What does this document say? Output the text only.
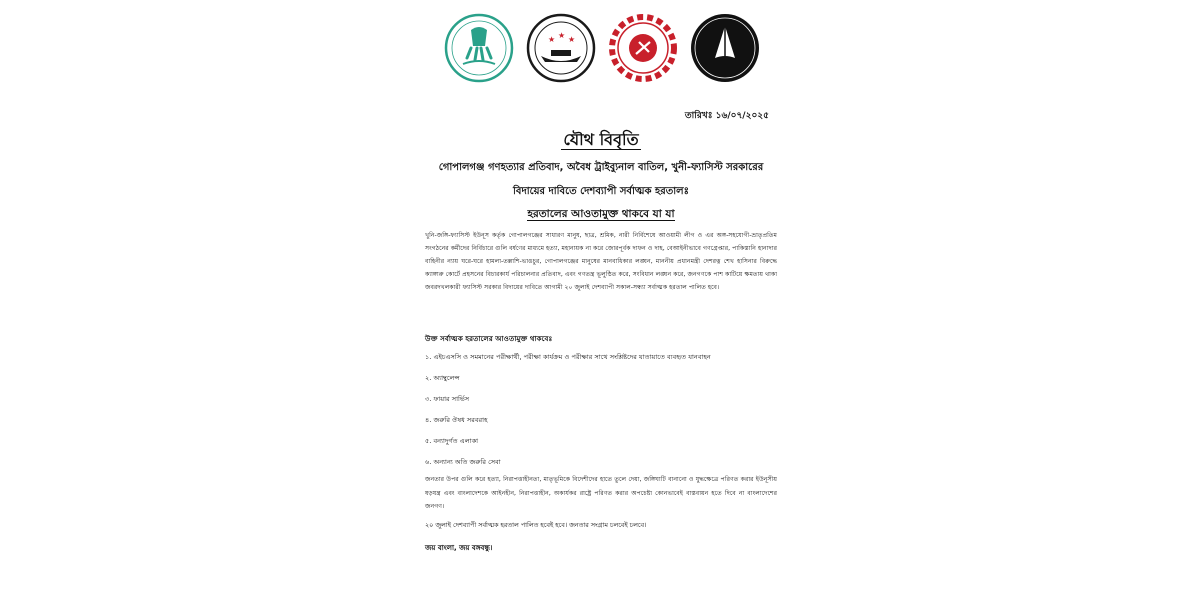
★ ★ ★
তারিখঃ ১৬/০৭/২০২৫
যৌথ বিবৃতি
গোপালগঞ্জ গণহত্যার প্রতিবাদ, অবৈধ ট্রাইব্যুনাল বাতিল, খুনী-ফ্যাসিস্ট সরকারের
বিদায়ের দাবিতে দেশব্যাপী সর্বাত্মক হরতালঃ
হরতালের আওতামুক্ত থাকবে যা যা

খুনি-জঙ্গি-ফ্যাসিস্ট ইউনূস কর্তৃক গোপালগঞ্জের সাধারণ মানুষ, ছাত্র, শ্রমিক, নারী নির্বিশেষে আওয়ামী লীগ ও এর অঙ্গ-সহযোগী-ভ্রাতৃপ্রতিম সংগঠনের কর্মীদের নির্বিচারে গুলি বর্ষণের মাধ্যমে হত্যা, মহানায়ক না করে জোরপূর্বক দাফন ও দাহ, বেআইনীভাবে গণগ্রেপ্তার, পাকিস্তানি হানাদার বাহিনীর ন্যায় ঘরে-ঘরে হামলা-তল্লাশি-ভাঙচুর, গোপালগঞ্জের মানুষের মানবাধিকার লঙ্ঘন, মাননীয় প্রধানমন্ত্রী দেশরত্ন শেখ হাসিনার বিরুদ্ধে ক্যাঙ্গারু কোর্টে প্রহসনের বিচারকার্য পরিচালনার প্রতিবাদ, এবং গণতন্ত্র ভূলুণ্ঠিত করে, সংবিধান লঙ্ঘন করে, জনগণকে পাশ কাটিয়ে ক্ষমতায় থাকা জবরদখলকারী ফ্যাসিস্ট সরকার বিদায়ের দাবিতে আগামী ২০ জুলাই দেশব্যাপী সকাল-সন্ধ্যা সর্বাত্মক হরতাল পালিত হবে।

উক্ত সর্বাত্মক হরতালের আওতামুক্ত থাকবেঃ
১. এইচএসসি ও সমমানের পরীক্ষার্থী, পরীক্ষা কার্যক্রম ও পরীক্ষার সাথে সংশ্লিষ্টদের যাতায়াতে ব্যবহৃত যানবাহন
২. অ্যাম্বুলেন্স
৩. ফায়ার সার্ভিস
৪. জরুরি ঔষধ সরবরাহ
৫. বন্যাদুর্গত এলাকা
৬. অন্যান্য অতি জরুরি সেবা

জনতার উপর গুলি করে হত্যা, নিরাপত্তাহীনতা, মাতৃভূমিকে বিদেশীদের হাতে তুলে দেয়া, জঙ্গিঘাটি বানানো ও যুদ্ধক্ষেত্রে পরিণত করার ইউনূসীয় ষড়যন্ত্র এবং বাংলাদেশকে আইনহীন, নিরাপত্তাহীন, অকার্যকর রাষ্ট্রে পরিণত করার অপচেষ্টা কোনভাবেই বাস্তবায়ন হতে দিবে না বাংলাদেশের জনগণ।

২০ জুলাই দেশব্যাপী সর্বাত্মক হরতাল পালিত হবেই হবে। জনতার সংগ্রাম চলবেই চলবে।

জয় বাংলা, জয় বঙ্গবন্ধু।
